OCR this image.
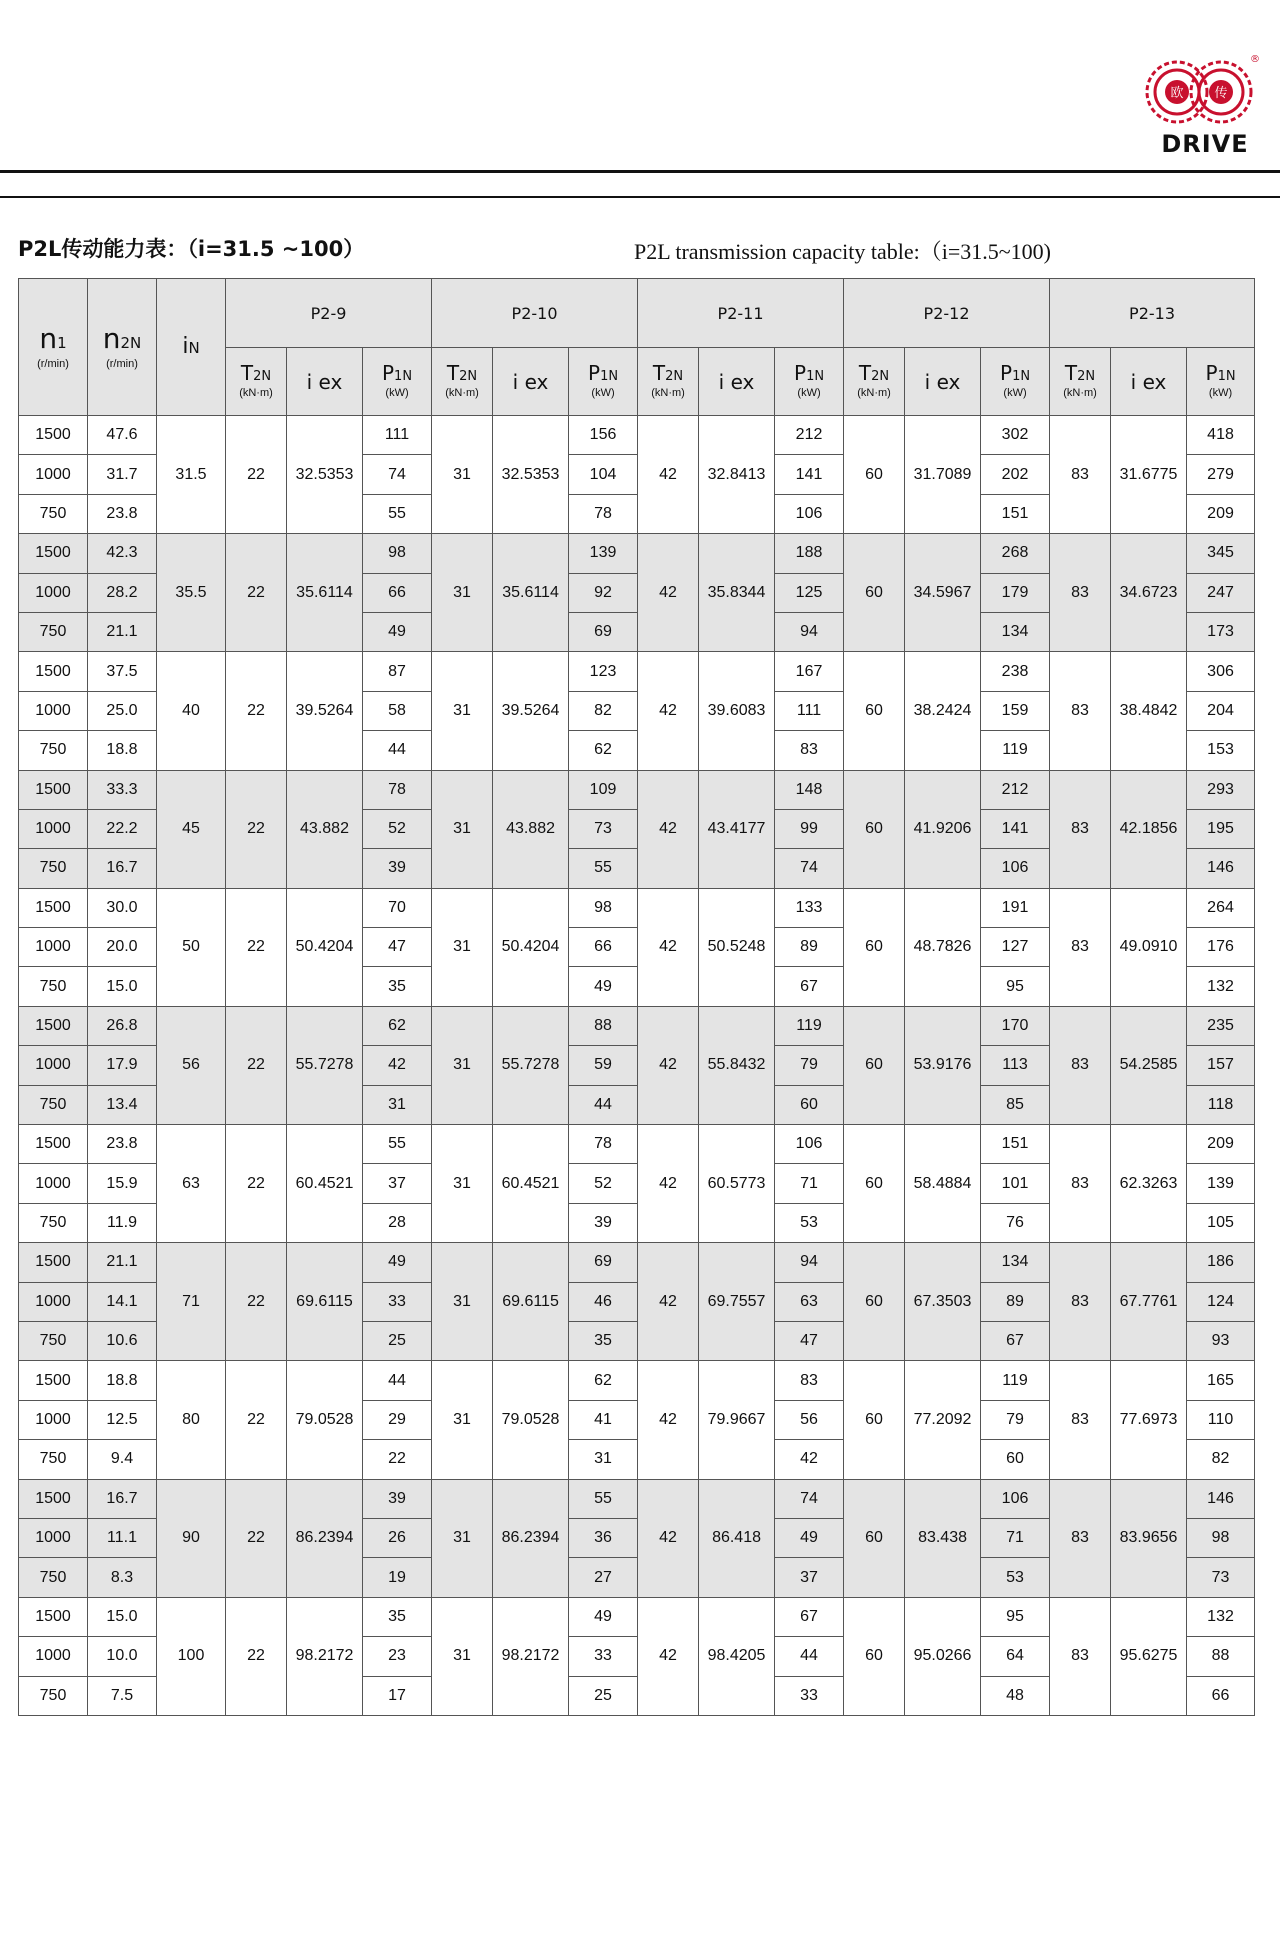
欧 传
®
DRIVE
P2L传动能力表：（i=31.5 ~100）	P2L transmission capacity table:（i=31.5~100)
n1
(r/min)	n2N
(r/min)	iN	P2-9			P2-10			P2-11			P2-12			P2-13		

			T2N
(kN·m)	i ex	P1N
(kW)	T2N
(kN·m)	i ex	P1N
(kW)	T2N
(kN·m)	i ex	P1N
(kW)	T2N
(kN·m)	i ex	P1N
(kW)	T2N
(kN·m)	i ex	P1N
(kW)

1500	47.6	31.5	22	32.5353	111	31	32.5353	156	42	32.8413	212	60	31.7089	302	83	31.6775	418
1000	31.7				74			104			141			202			279
750	23.8				55			78			106			151			209
1500	42.3	35.5	22	35.6114	98	31	35.6114	139	42	35.8344	188	60	34.5967	268	83	34.6723	345
1000	28.2				66			92			125			179			247
750	21.1				49			69			94			134			173
1500	37.5	40	22	39.5264	87	31	39.5264	123	42	39.6083	167	60	38.2424	238	83	38.4842	306
1000	25.0				58			82			111			159			204
750	18.8				44			62			83			119			153
1500	33.3	45	22	43.882	78	31	43.882	109	42	43.4177	148	60	41.9206	212	83	42.1856	293
1000	22.2				52			73			99			141			195
750	16.7				39			55			74			106			146
1500	30.0	50	22	50.4204	70	31	50.4204	98	42	50.5248	133	60	48.7826	191	83	49.0910	264
1000	20.0				47			66			89			127			176
750	15.0				35			49			67			95			132
1500	26.8	56	22	55.7278	62	31	55.7278	88	42	55.8432	119	60	53.9176	170	83	54.2585	235
1000	17.9				42			59			79			113			157
750	13.4				31			44			60			85			118
1500	23.8	63	22	60.4521	55	31	60.4521	78	42	60.5773	106	60	58.4884	151	83	62.3263	209
1000	15.9				37			52			71			101			139
750	11.9				28			39			53			76			105
1500	21.1	71	22	69.6115	49	31	69.6115	69	42	69.7557	94	60	67.3503	134	83	67.7761	186
1000	14.1				33			46			63			89			124
750	10.6				25			35			47			67			93
1500	18.8	80	22	79.0528	44	31	79.0528	62	42	79.9667	83	60	77.2092	119	83	77.6973	165
1000	12.5				29			41			56			79			110
750	9.4				22			31			42			60			82
1500	16.7	90	22	86.2394	39	31	86.2394	55	42	86.418	74	60	83.438	106	83	83.9656	146
1000	11.1				26			36			49			71			98
750	8.3				19			27			37			53			73
1500	15.0	100	22	98.2172	35	31	98.2172	49	42	98.4205	67	60	95.0266	95	83	95.6275	132
1000	10.0				23			33			44			64			88
750	7.5				17			25			33			48			66
